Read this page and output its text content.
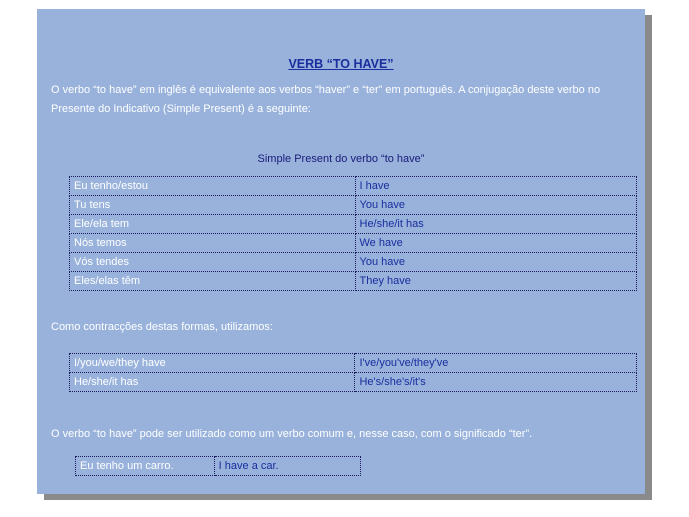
VERB “TO HAVE”
O verbo “to have” em inglês é equivalente aos verbos “haver” e “ter” em português. A conjugação deste verbo no Presente do Indicativo (Simple Present) é a seguinte:
Simple Present do verbo “to have”
Eu tenho/estou	I have
Tu tens	You have
Ele/ela tem	He/she/it has
Nós temos	We have
Vós tendes	You have
Eles/elas têm	They have
Como contracções destas formas, utilizamos:
I/you/we/they have	I've/you've/they've
He/she/it has	He's/she's/it's
O verbo “to have” pode ser utilizado como um verbo comum e, nesse caso, com o significado “ter”.
Eu tenho um carro.	I have a car.
